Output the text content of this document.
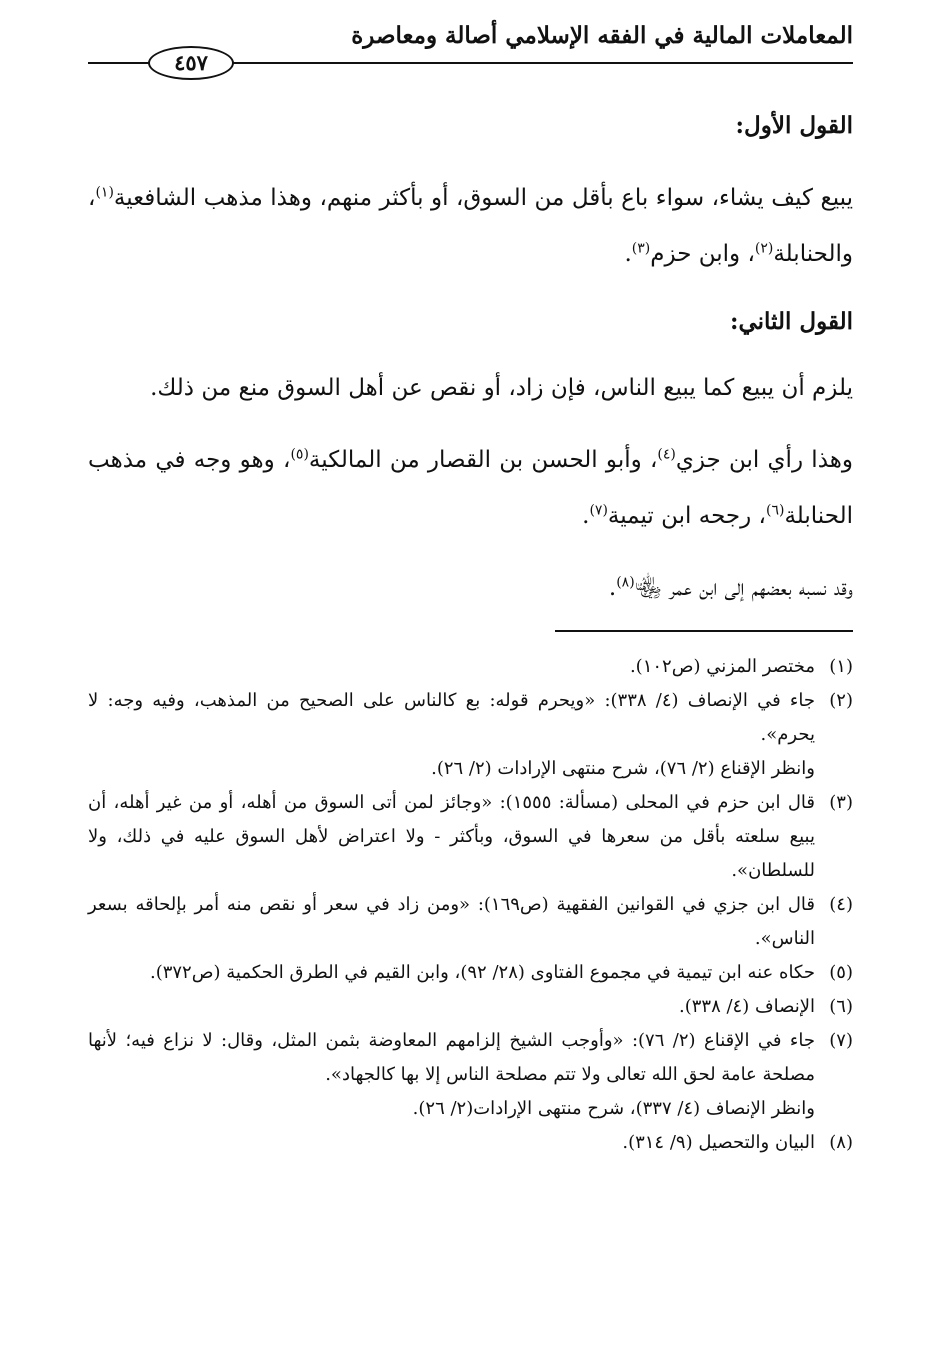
المعاملات المالية في الفقه الإسلامي أصالة ومعاصرة
٤٥٧
القول الأول:
يبيع كيف يشاء، سواء باع بأقل من السوق، أو بأكثر منهم، وهذا مذهب الشافعية$^{(١)}$، والحنابلة$^{(٢)}$، وابن حزم$^{(٣)}$.
القول الثاني:
يلزم أن يبيع كما يبيع الناس، فإن زاد، أو نقص عن أهل السوق منع من ذلك.
وهذا رأي ابن جزي$^{(٤)}$، وأبو الحسن بن القصار من المالكية$^{(٥)}$، وهو وجه في مذهب الحنابلة$^{(٦)}$، رجحه ابن تيمية$^{(٧)}$.
وقد نسبه بعضهم إلى ابن عمر ﵄$^{(٨)}$.
(١)
مختصر المزني (ص١٠٢).
(٢)
جاء في الإنصاف (٤/ ٣٣٨): «ويحرم قوله: بع كالناس على الصحيح من المذهب، وفيه وجه: لا يحرم».
وانظر الإقناع (٢/ ٧٦)، شرح منتهى الإرادات (٢/ ٢٦).
(٣)
قال ابن حزم في المحلى (مسألة: ١٥٥٥): «وجائز لمن أتى السوق من أهله، أو من غير أهله، أن يبيع سلعته بأقل من سعرها في السوق، وبأكثر - ولا اعتراض لأهل السوق عليه في ذلك، ولا للسلطان».
(٤)
قال ابن جزي في القوانين الفقهية (ص١٦٩): «ومن زاد في سعر أو نقص منه أمر بإلحاقه بسعر الناس».
(٥)
حكاه عنه ابن تيمية في مجموع الفتاوى (٢٨/ ٩٢)، وابن القيم في الطرق الحكمية (ص٣٧٢).
(٦)
الإنصاف (٤/ ٣٣٨).
(٧)
جاء في الإقناع (٢/ ٧٦): «وأوجب الشيخ إلزامهم المعاوضة بثمن المثل، وقال: لا نزاع فيه؛ لأنها مصلحة عامة لحق الله تعالى ولا تتم مصلحة الناس إلا بها كالجهاد».
وانظر الإنصاف (٤/ ٣٣٧)، شرح منتهى الإرادات(٢/ ٢٦).
(٨)
البيان والتحصيل (٩/ ٣١٤).
